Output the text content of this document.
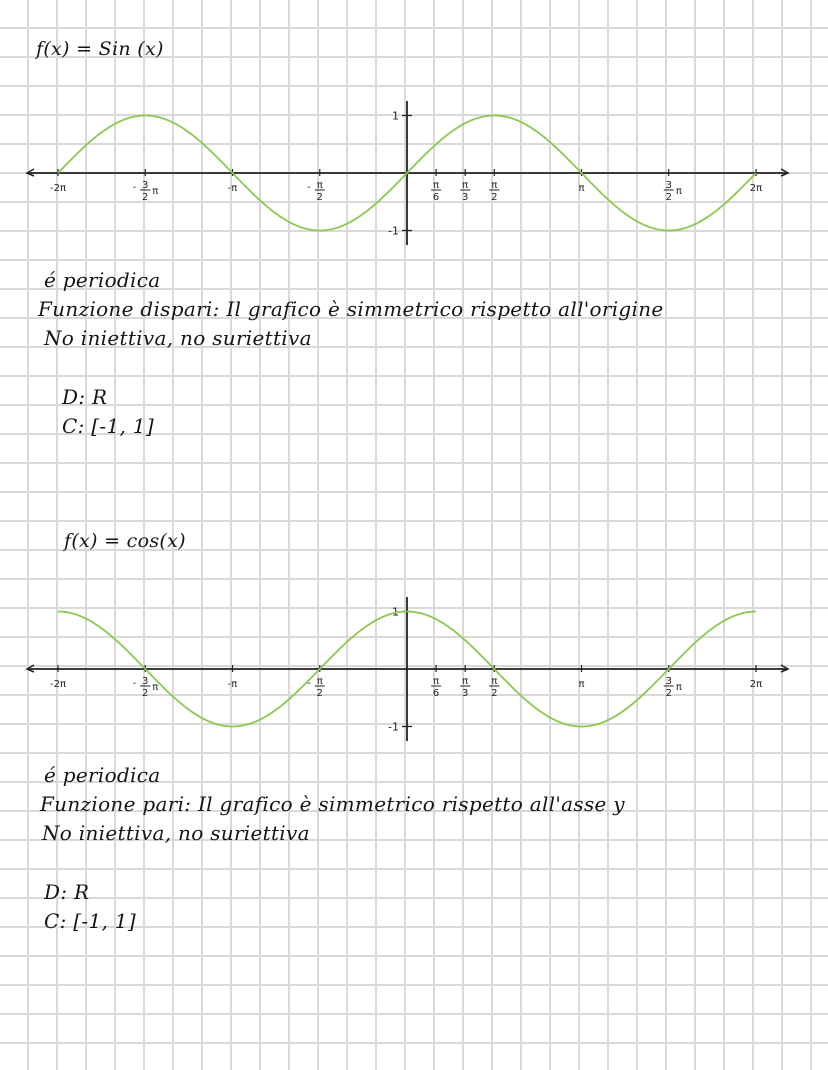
f(x) = Sin (x)
1
-1
-2π	- 3
2
π	-π	- π
2
π
6
π
3
π
2
π	3
2
π	2π
é periodica
Funzione dispari: Il grafico è simmetrico rispetto all'origine
No iniettiva, no suriettiva
D: R
C: [-1, 1]
f(x) = cos(x)
1
-1
-2π	- 3
2
π	-π	- π
2
π
6
π
3
π
2
π	3
2
π	2π
é periodica
Funzione pari: Il grafico è simmetrico rispetto all'asse y
No iniettiva, no suriettiva
D: R
C: [-1, 1]
